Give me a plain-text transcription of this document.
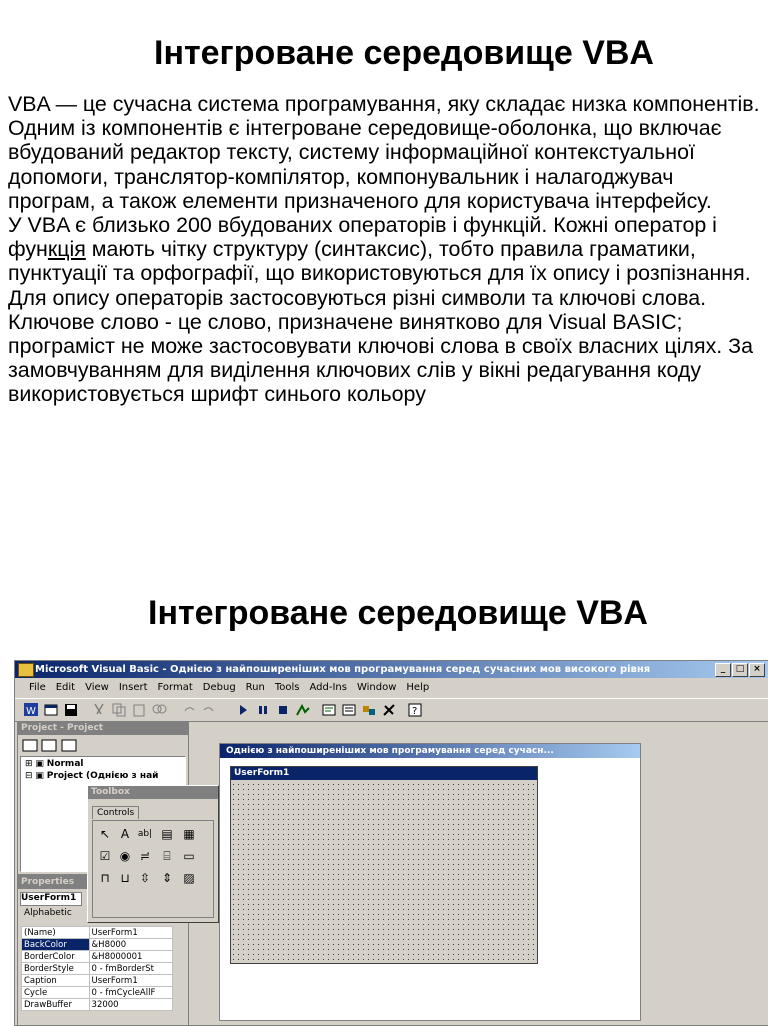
Інтегроване середовище VBA

VBA — це сучасна система програмування, яку складає низка компонентів. Одним із компонентів є інтегроване середовище-оболонка, що включає вбудований редактор тексту, систему інформаційної контекстуальної допомоги, транслятор-компілятор, компонувальник і налагоджувач програм, а також елементи призначеного для користувача інтерфейсу.

У VBA є близько 200 вбудованих операторів і функцій. Кожні оператор і функція мають чітку структуру (синтаксис), тобто правила граматики, пунктуації та орфографії, що використовуються для їх опису і розпізнання. Для опису операторів застосовуються різні символи та ключові слова. Ключове слово - це слово, призначене винятково для Visual BASIC; програміст не може застосовувати ключові слова в своїх власних цілях. За замовчуванням для виділення ключових слів у вікні редагування коду використовується шрифт синього кольору

Інтегроване середовище VBA
Microsoft Visual Basic - Однією з найпоширеніших мов програмування серед сучасних мов високого рівня	_	□ ×
File Edit View Insert Format Debug Run Tools Add-Ins Window Help
W	?
Project - Project
⊞ ▣ Normal
⊟ ▣ Project (Однією з най
Properties
UserForm1
Alphabetic
(Name)	UserForm1
BackColor	&H8000
BorderColor	&H8000001
BorderStyle	0 - fmBorderSt
Caption	UserForm1
Cycle	0 - fmCycleAllF
DrawBuffer	32000
Однією з найпоширеніших мов програмування серед сучасн...
UserForm1
Toolbox
Controls
↖ A ab| ▤ ▦
☑ ◉ ≓	⌸	▭
⊓ ⊔ ⇳ ⇕ ▨
